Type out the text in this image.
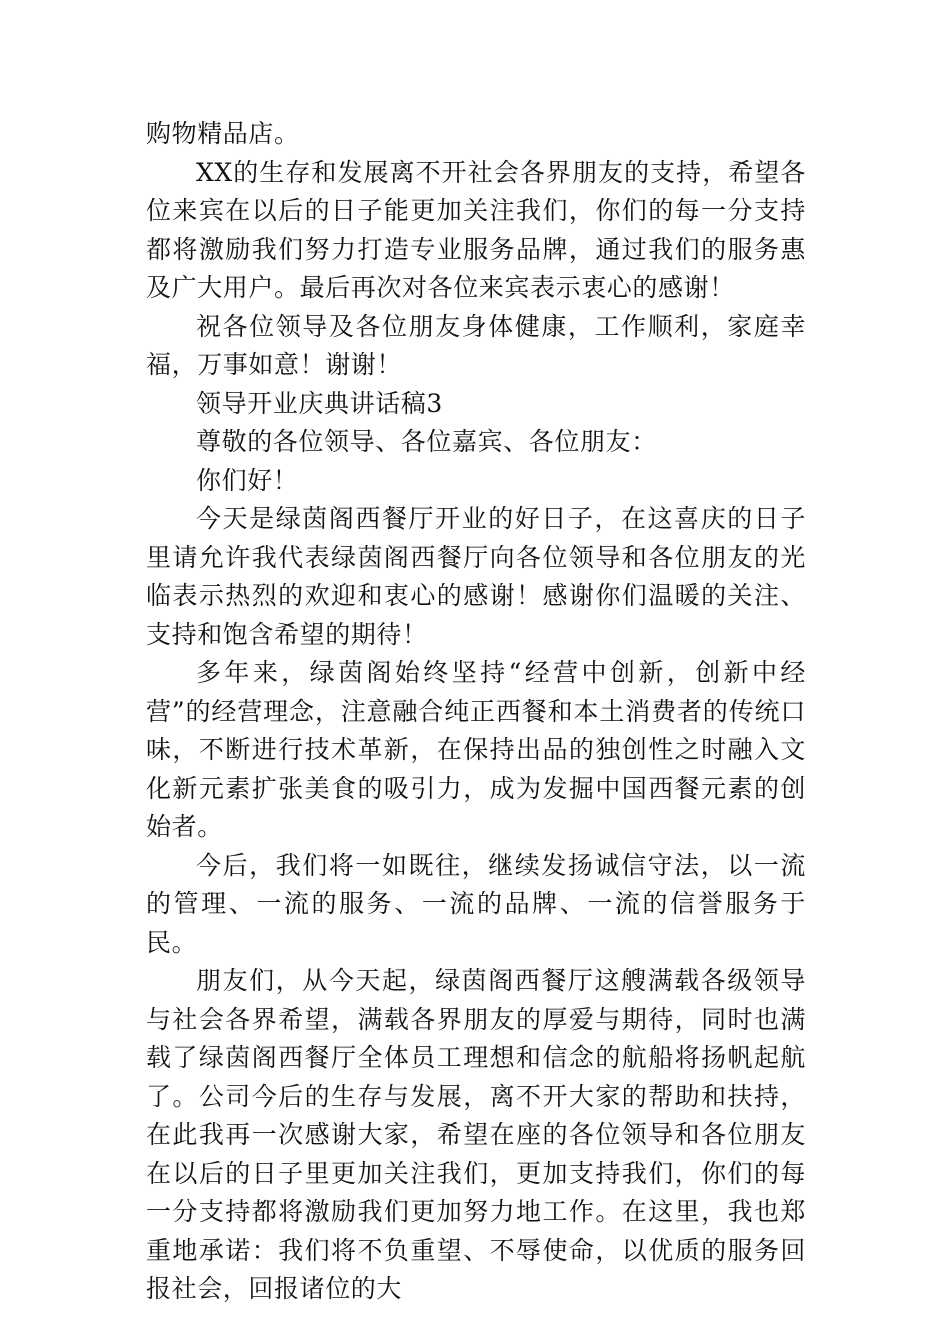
购物精品店。

XX的生存和发展离不开社会各界朋友的支持，希望各位来宾在以后的日子能更加关注我们，你们的每一分支持都将激励我们努力打造专业服务品牌，通过我们的服务惠及广大用户。最后再次对各位来宾表示衷心的感谢！

祝各位领导及各位朋友身体健康，工作顺利，家庭幸福，万事如意！谢谢！

领导开业庆典讲话稿3

尊敬的各位领导、各位嘉宾、各位朋友：

你们好！

今天是绿茵阁西餐厅开业的好日子，在这喜庆的日子里请允许我代表绿茵阁西餐厅向各位领导和各位朋友的光临表示热烈的欢迎和衷心的感谢！感谢你们温暖的关注、支持和饱含希望的期待！

多年来，绿茵阁始终坚持“经营中创新，创新中经营”的经营理念，注意融合纯正西餐和本土消费者的传统口味，不断进行技术革新，在保持出品的独创性之时融入文化新元素扩张美食的吸引力，成为发掘中国西餐元素的创始者。

今后，我们将一如既往，继续发扬诚信守法，以一流的管理、一流的服务、一流的品牌、一流的信誉服务于民。

朋友们，从今天起，绿茵阁西餐厅这艘满载各级领导与社会各界希望，满载各界朋友的厚爱与期待，同时也满载了绿茵阁西餐厅全体员工理想和信念的航船将扬帆起航了。公司今后的生存与发展，离不开大家的帮助和扶持，在此我再一次感谢大家，希望在座的各位领导和各位朋友在以后的日子里更加关注我们，更加支持我们，你们的每一分支持都将激励我们更加努力地工作。在这里，我也郑重地承诺：我们将不负重望、不辱使命，以优质的服务回报社会，回报诸位的大
